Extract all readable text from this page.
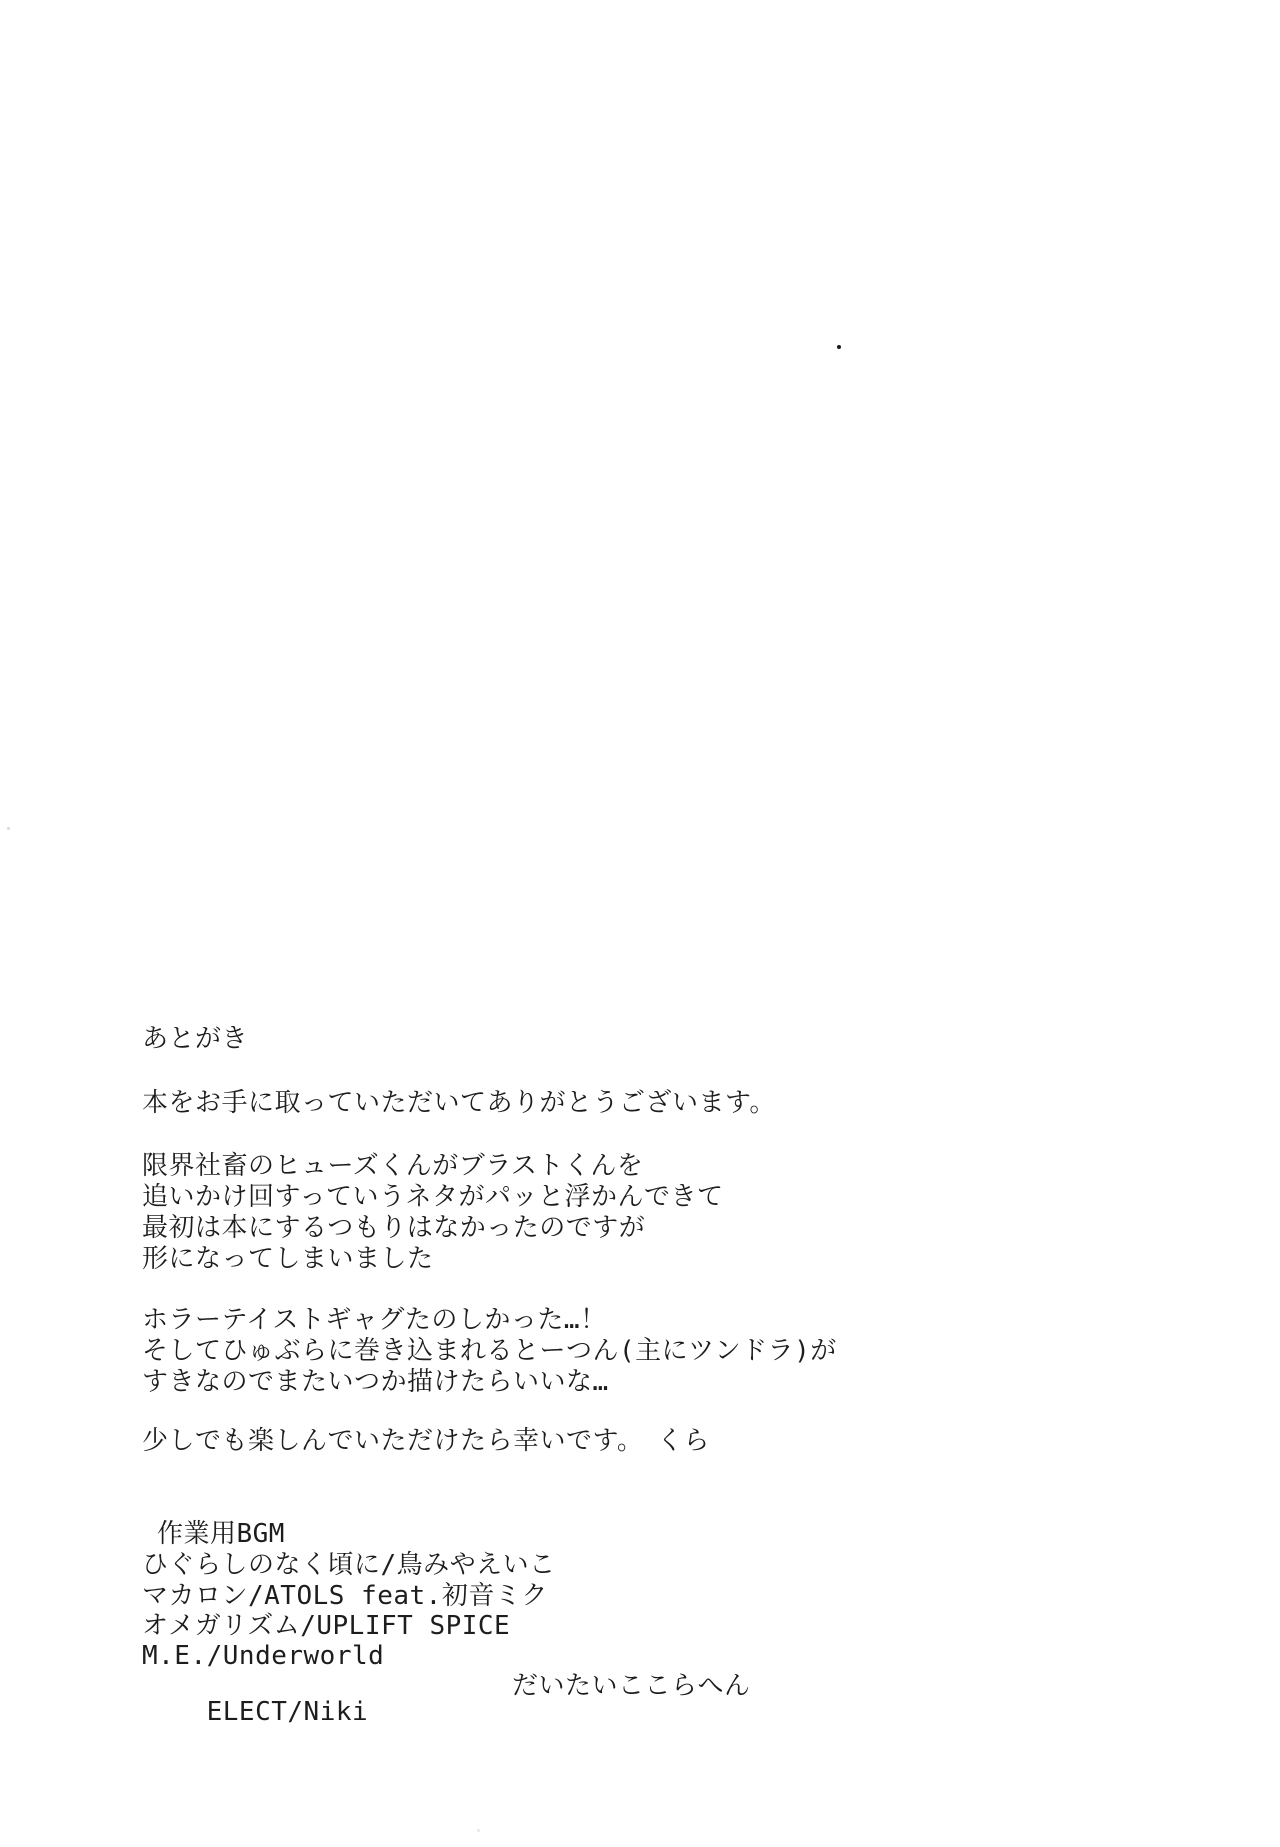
あとがき

本をお手に取っていただいてありがとうございます。

限界社畜のヒューズくんがブラストくんを

追いかけ回すっていうネタがパッと浮かんできて

最初は本にするつもりはなかったのですが

形になってしまいました

ホラーテイストギャグたのしかった…！

そしてひゅぶらに巻き込まれるとーつん(主にツンドラ)が

すきなのでまたいつか描けたらいいな…

少しでも楽しんでいただけたら幸いです。　くら

作業用BGM

ひぐらしのなく頃に/鳥みやえいこ

マカロン/ATOLS feat.初音ミク

オメガリズム/UPLIFT SPICE

M.E./Underworld

ELECT/Niki

だいたいここらへん
